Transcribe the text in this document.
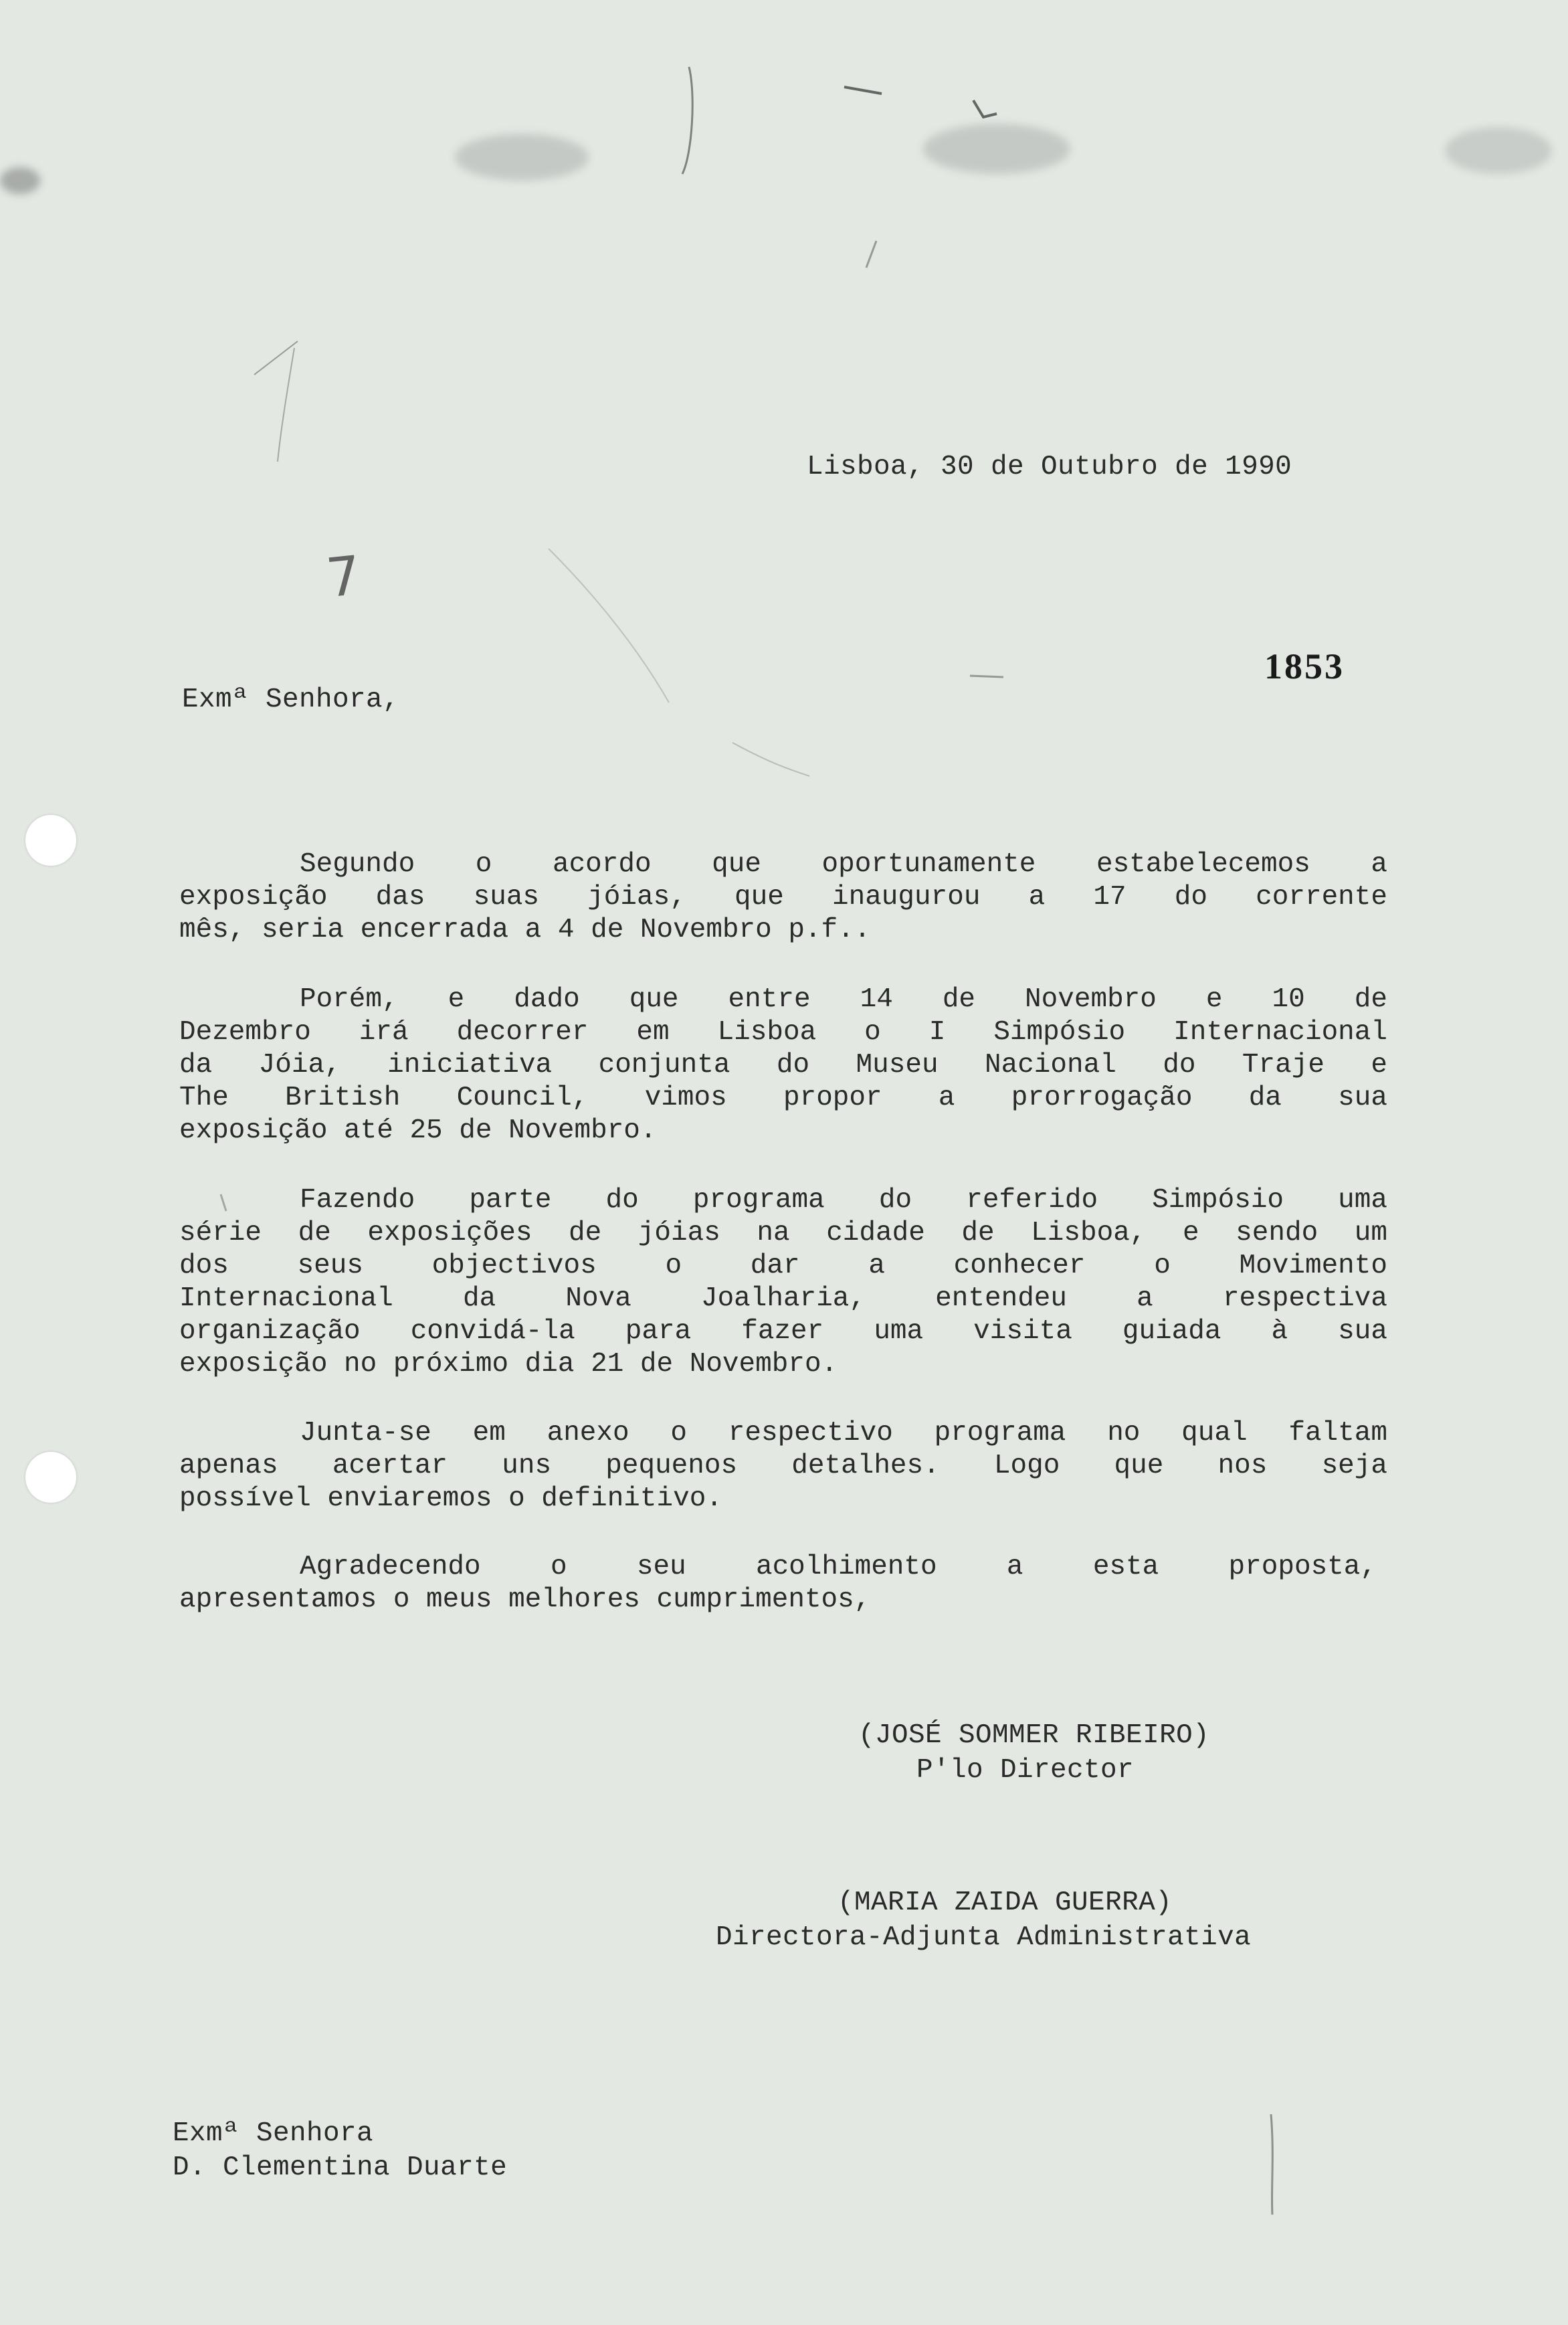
7
Lisboa, 30 de Outubro de 1990
1853
Exmª Senhora,
Segundo o acordo que oportunamente estabelecemos a
exposição das suas jóias, que inaugurou a 17 do corrente
mês, seria encerrada a 4 de Novembro p.f..
Porém, e dado que entre 14 de Novembro e 10 de
Dezembro irá decorrer em Lisboa o I Simpósio Internacional
da Jóia, iniciativa conjunta do Museu Nacional do Traje e
The British Council, vimos propor a prorrogação da sua
exposição até 25 de Novembro.
Fazendo parte do programa do referido Simpósio uma
série de exposições de jóias na cidade de Lisboa, e sendo um
dos seus objectivos o dar a conhecer o Movimento
Internacional da Nova Joalharia, entendeu a respectiva
organização convidá-la para fazer uma visita guiada à sua
exposição no próximo dia 21 de Novembro.
Junta-se em anexo o respectivo programa no qual faltam
apenas acertar uns pequenos detalhes. Logo que nos seja
possível enviaremos o definitivo.
Agradecendo o seu acolhimento a esta proposta,
apresentamos o meus melhores cumprimentos,
(JOSÉ SOMMER RIBEIRO)
P'lo Director
(MARIA ZAIDA GUERRA)
Directora-Adjunta Administrativa
Exmª Senhora
D. Clementina Duarte
